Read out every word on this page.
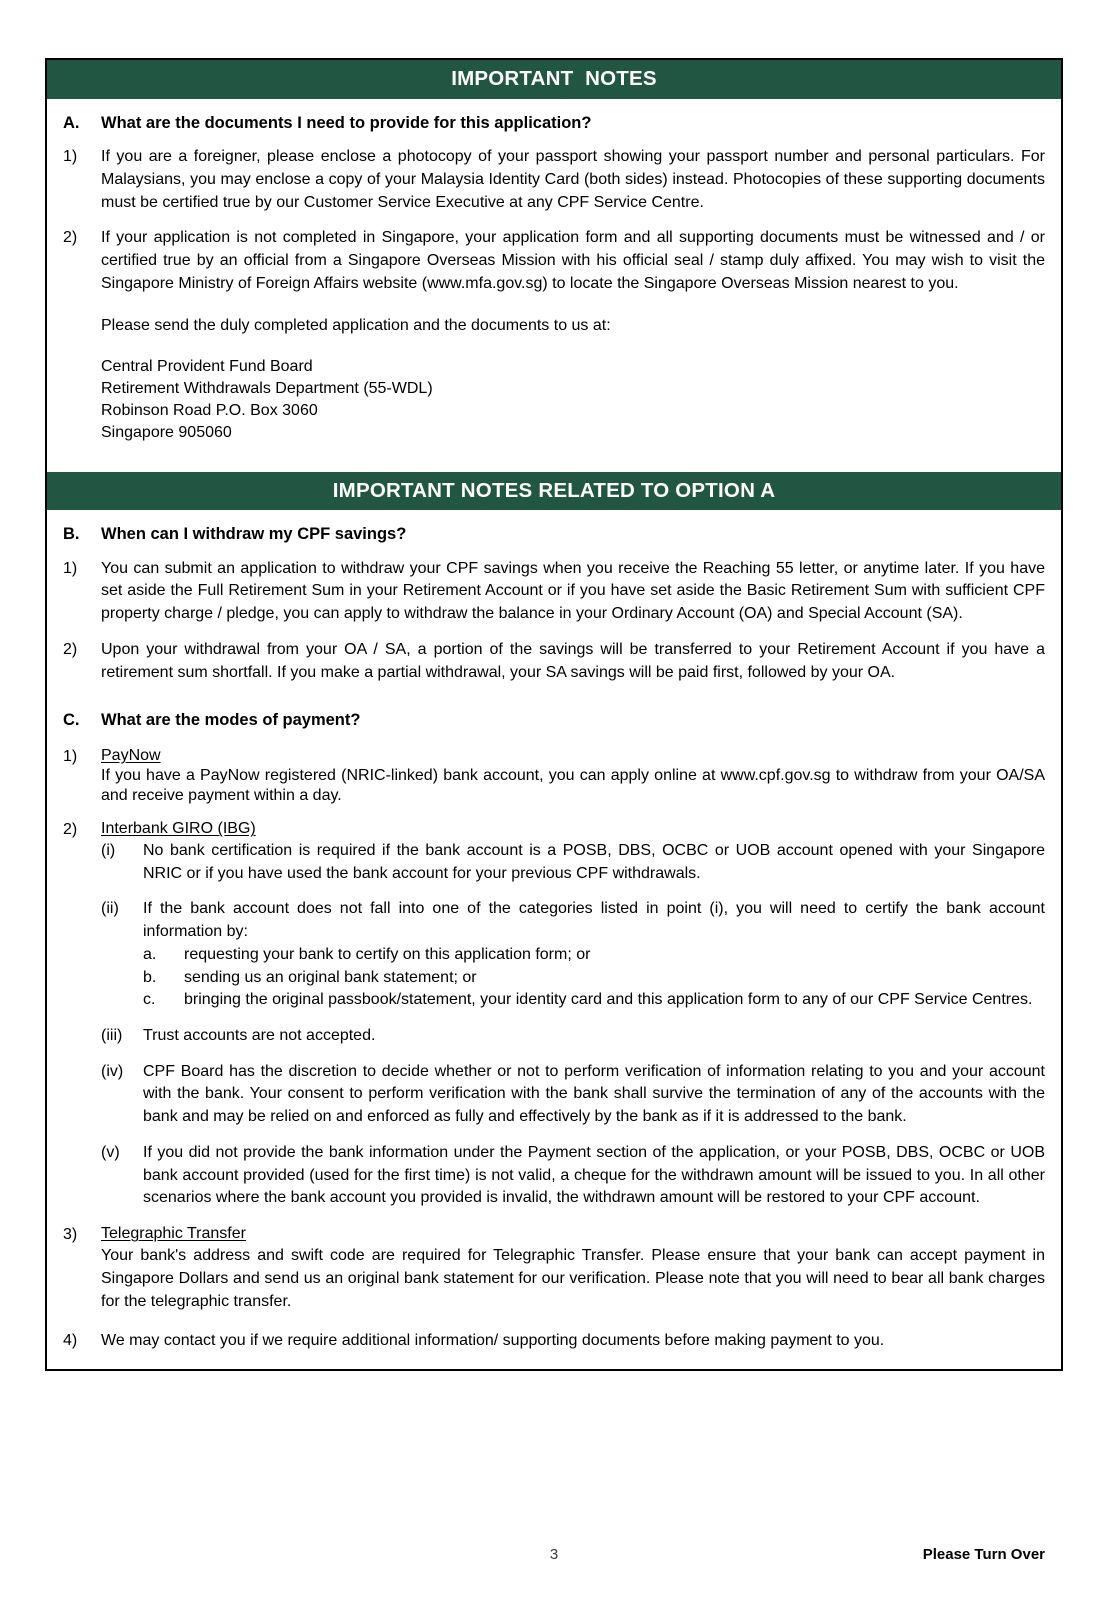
IMPORTANT  NOTES
A.	What are the documents I need to provide for this application?
1)	If you are a foreigner, please enclose a photocopy of your passport showing your passport number and personal particulars. For Malaysians, you may enclose a copy of your Malaysia Identity Card (both sides) instead. Photocopies of these supporting documents must be certified true by our Customer Service Executive at any CPF Service Centre.

2)	If your application is not completed in Singapore, your application form and all supporting documents must be witnessed and / or certified true by an official from a Singapore Overseas Mission with his official seal / stamp duly affixed. You may wish to visit the Singapore Ministry of Foreign Affairs website (www.mfa.gov.sg) to locate the Singapore Overseas Mission nearest to you.

Please send the duly completed application and the documents to us at:

Central Provident Fund Board

Retirement Withdrawals Department (55-WDL)

Robinson Road P.O. Box 3060

Singapore 905060

IMPORTANT NOTES RELATED TO OPTION A
B.	When can I withdraw my CPF savings?
1)	You can submit an application to withdraw your CPF savings when you receive the Reaching 55 letter, or anytime later. If you have set aside the Full Retirement Sum in your Retirement Account or if you have set aside the Basic Retirement Sum with sufficient CPF property charge / pledge, you can apply to withdraw the balance in your Ordinary Account (OA) and Special Account (SA).

2)	Upon your withdrawal from your OA / SA, a portion of the savings will be transferred to your Retirement Account if you have a retirement sum shortfall. If you make a partial withdrawal, your SA savings will be paid first, followed by your OA.

C.	What are the modes of payment?
1)	PayNow

If you have a PayNow registered (NRIC-linked) bank account, you can apply online at www.cpf.gov.sg to withdraw from your OA/SA and receive payment within a day.

2)	Interbank GIRO (IBG)

(i)	No bank certification is required if the bank account is a POSB, DBS, OCBC or UOB account opened with your Singapore NRIC or if you have used the bank account for your previous CPF withdrawals.
(ii)	If the bank account does not fall into one of the categories listed in point (i), you will need to certify the bank account information by:

a.	requesting your bank to certify on this application form; or
b.	sending us an original bank statement; or
c.	bringing the original passbook/statement, your identity card and this application form to any of our CPF Service Centres.
(iii)	Trust accounts are not accepted.
(iv)	CPF Board has the discretion to decide whether or not to perform verification of information relating to you and your account with the bank. Your consent to perform verification with the bank shall survive the termination of any of the accounts with the bank and may be relied on and enforced as fully and effectively by the bank as if it is addressed to the bank.
(v)	If you did not provide the bank information under the Payment section of the application, or your POSB, DBS, OCBC or UOB bank account provided (used for the first time) is not valid, a cheque for the withdrawn amount will be issued to you. In all other scenarios where the bank account you provided is invalid, the withdrawn amount will be restored to your CPF account.
3)	Telegraphic Transfer

Your bank's address and swift code are required for Telegraphic Transfer. Please ensure that your bank can accept payment in Singapore Dollars and send us an original bank statement for our verification. Please note that you will need to bear all bank charges for the telegraphic transfer.

4)	We may contact you if we require additional information/ supporting documents before making payment to you.

3	Please Turn Over
